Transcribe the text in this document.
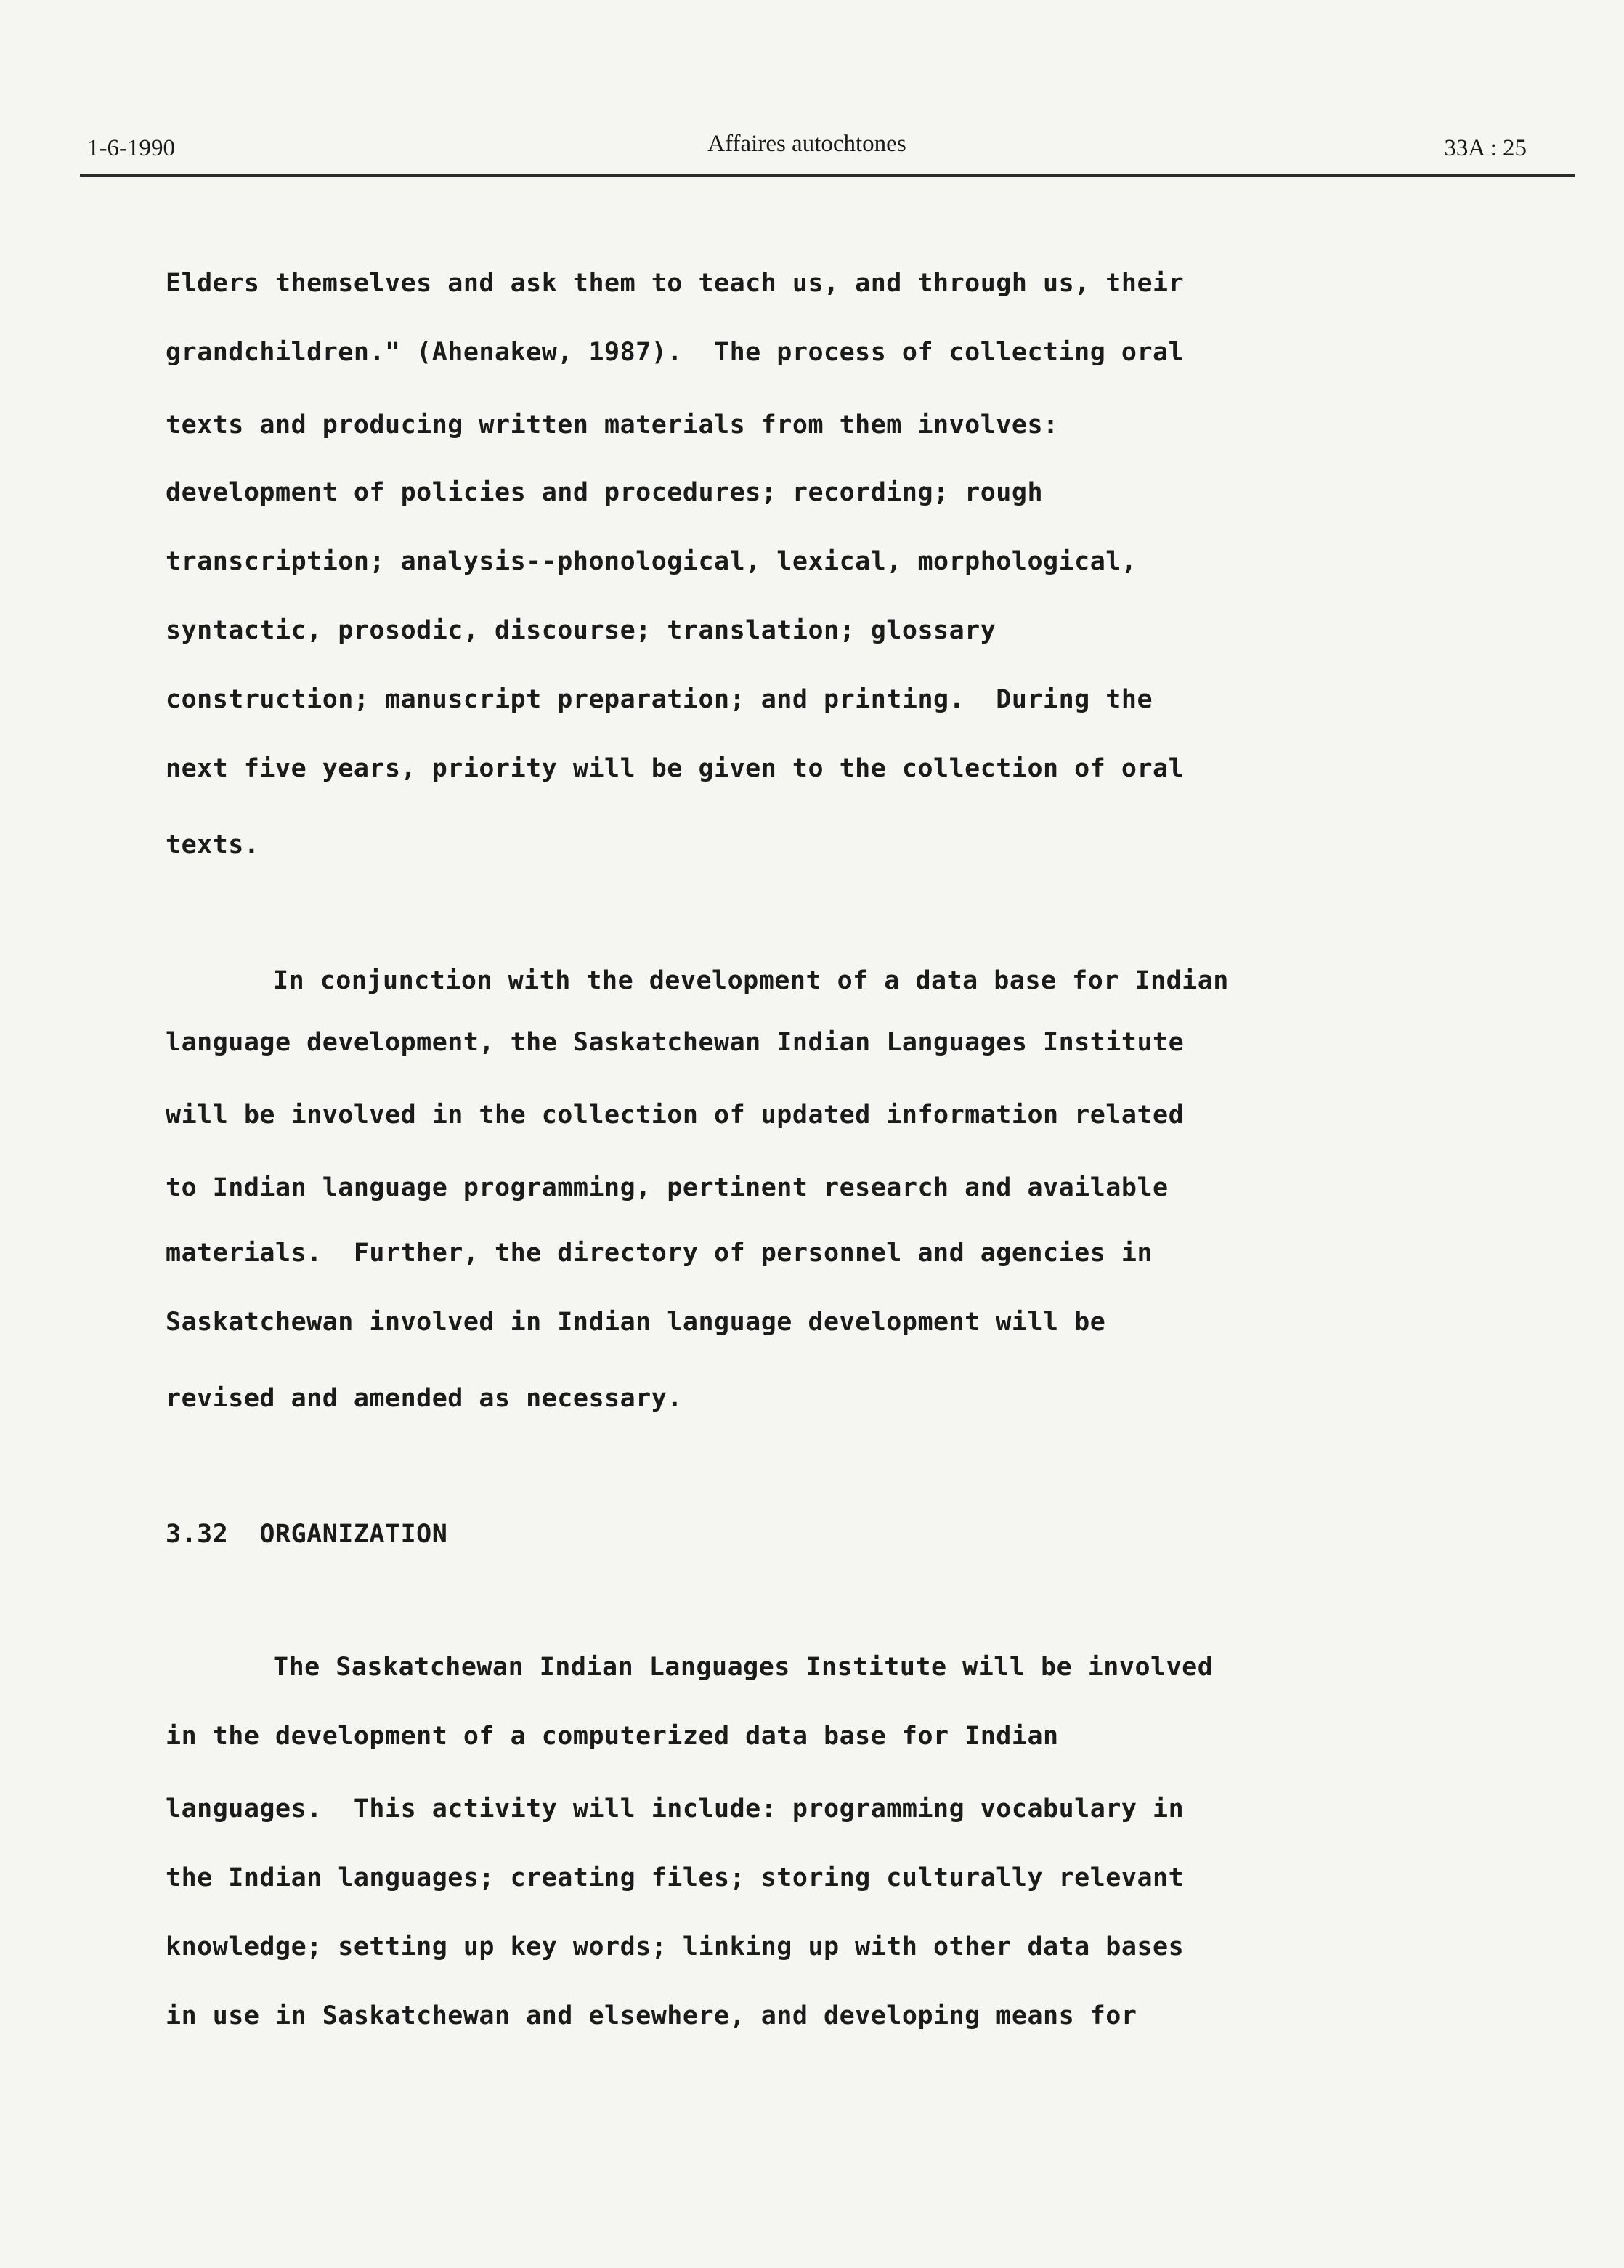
1-6-1990	Affaires autochtones	33A : 25
Elders themselves and ask them to teach us, and through us, their
grandchildren." (Ahenakew, 1987).  The process of collecting oral
texts and producing written materials from them involves:
development of policies and procedures; recording; rough
transcription; analysis--phonological, lexical, morphological,
syntactic, prosodic, discourse; translation; glossary
construction; manuscript preparation; and printing.  During the
next five years, priority will be given to the collection of oral
texts.
In conjunction with the development of a data base for Indian
language development, the Saskatchewan Indian Languages Institute
will be involved in the collection of updated information related
to Indian language programming, pertinent research and available
materials.  Further, the directory of personnel and agencies in
Saskatchewan involved in Indian language development will be
revised and amended as necessary.
3.32  ORGANIZATION
The Saskatchewan Indian Languages Institute will be involved
in the development of a computerized data base for Indian
languages.  This activity will include: programming vocabulary in
the Indian languages; creating files; storing culturally relevant
knowledge; setting up key words; linking up with other data bases
in use in Saskatchewan and elsewhere, and developing means for
